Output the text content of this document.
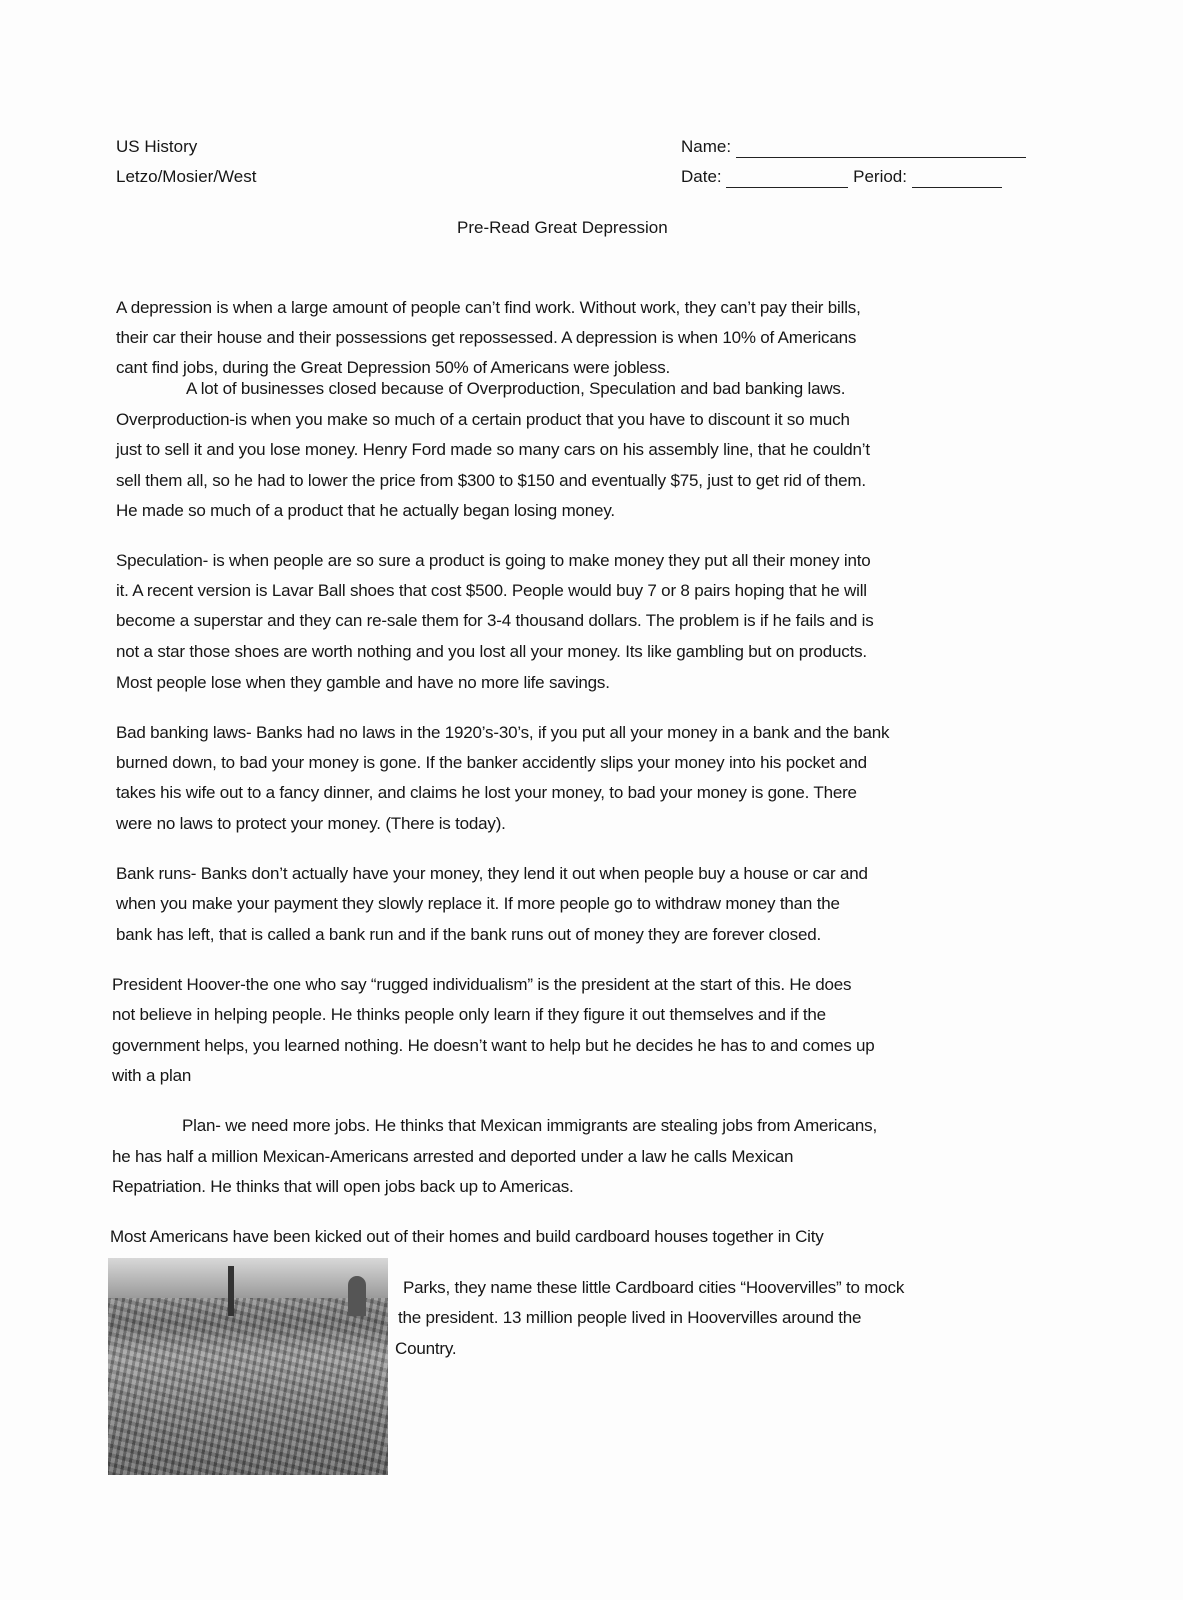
US History
Letzo/Mosier/West
Name:
Date:	Period:
Pre-Read Great Depression
A depression is when a large amount of people can’t find work. Without work, they can’t pay their bills,
their car their house and their possessions get repossessed. A depression is when 10% of Americans
cant find jobs, during the Great Depression 50% of Americans were jobless.
A lot of businesses closed because of Overproduction, Speculation and bad banking laws.
Overproduction-is when you make so much of a certain product that you have to discount it so much
just to sell it and you lose money. Henry Ford made so many cars on his assembly line, that he couldn’t
sell them all, so he had to lower the price from $300 to $150 and eventually $75, just to get rid of them.
He made so much of a product that he actually began losing money.
Speculation- is when people are so sure a product is going to make money they put all their money into
it. A recent version is Lavar Ball shoes that cost $500. People would buy 7 or 8 pairs hoping that he will
become a superstar and they can re-sale them for 3-4 thousand dollars. The problem is if he fails and is
not a star those shoes are worth nothing and you lost all your money. Its like gambling but on products.
Most people lose when they gamble and have no more life savings.
Bad banking laws- Banks had no laws in the 1920’s-30’s, if you put all your money in a bank and the bank
burned down, to bad your money is gone. If the banker accidently slips your money into his pocket and
takes his wife out to a fancy dinner, and claims he lost your money, to bad your money is gone. There
were no laws to protect your money. (There is today).
Bank runs- Banks don’t actually have your money, they lend it out when people buy a house or car and
when you make your payment they slowly replace it. If more people go to withdraw money than the
bank has left, that is called a bank run and if the bank runs out of money they are forever closed.
President Hoover-the one who say “rugged individualism” is the president at the start of this. He does
not believe in helping people. He thinks people only learn if they figure it out themselves and if the
government helps, you learned nothing. He doesn’t want to help but he decides he has to and comes up
with a plan
Plan- we need more jobs. He thinks that Mexican immigrants are stealing jobs from Americans,
he has half a million Mexican-Americans arrested and deported under a law he calls Mexican
Repatriation. He thinks that will open jobs back up to Americas.
Most Americans have been kicked out of their homes and build cardboard houses together in City
Parks, they name these little Cardboard cities “Hoovervilles” to mock
the president. 13 million people lived in Hoovervilles around the
Country.
